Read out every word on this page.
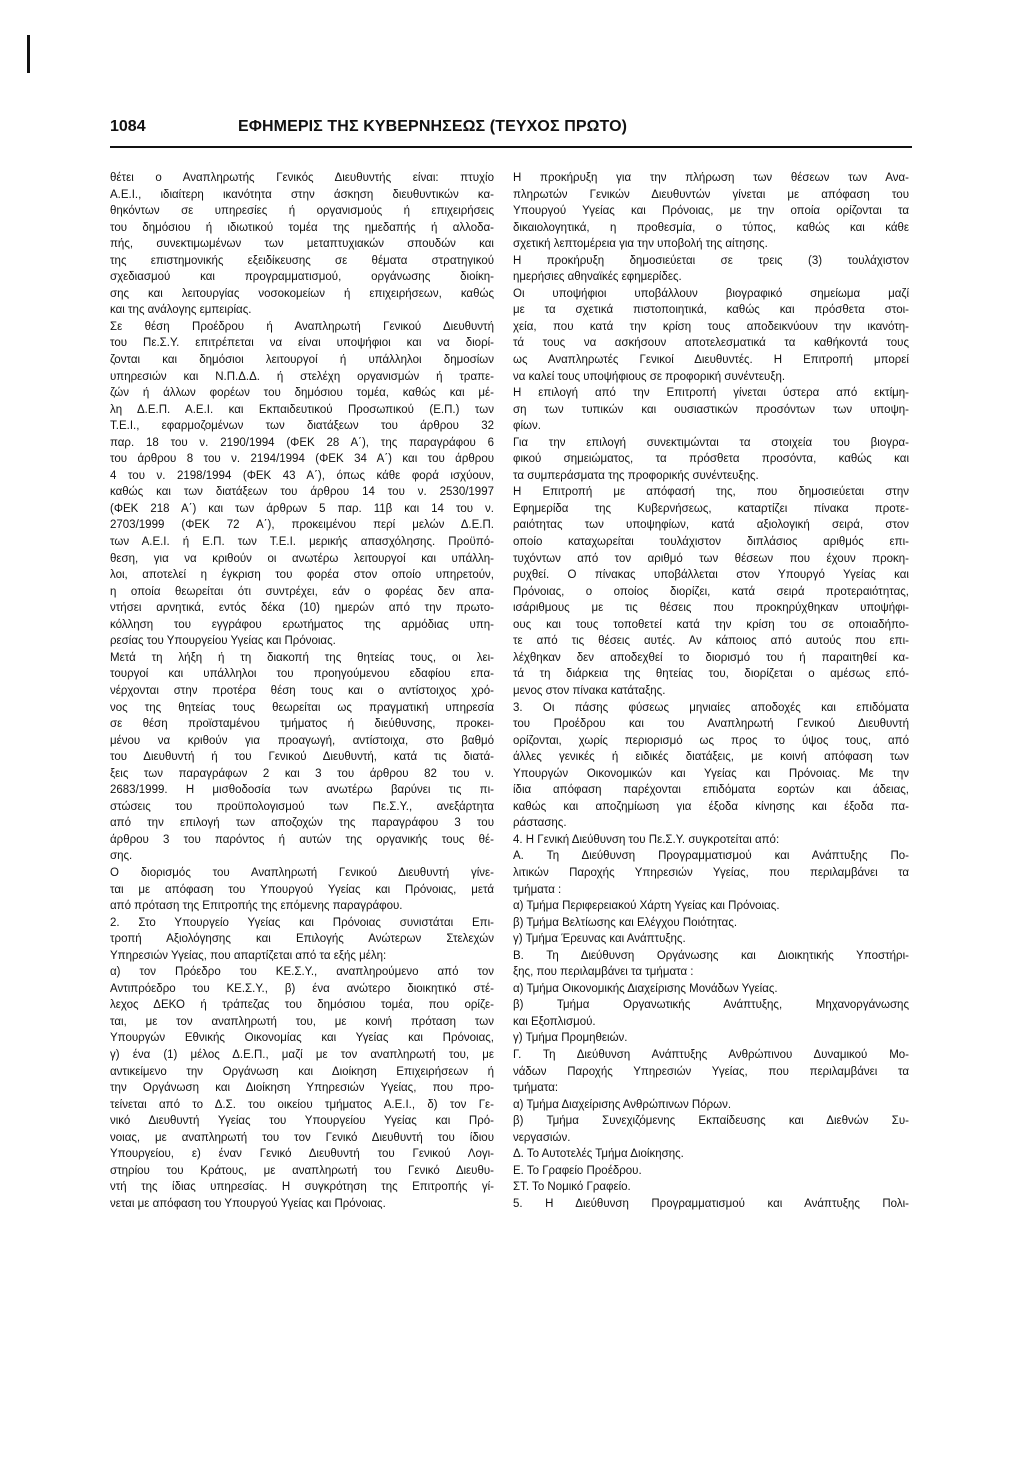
1084	ΕΦΗΜΕΡΙΣ ΤΗΣ ΚΥΒΕΡΝΗΣΕΩΣ (ΤΕΥΧΟΣ ΠΡΩΤΟ)
θέτει ο Αναπληρωτής Γενικός Διευθυντής είναι: πτυχίο
Α.Ε.Ι., ιδιαίτερη ικανότητα στην άσκηση διευθυντικών κα-
θηκόντων σε υπηρεσίες ή οργανισμούς ή επιχειρήσεις
του δημόσιου ή ιδιωτικού τομέα της ημεδαπής ή αλλοδα-
πής, συνεκτιμωμένων των μεταπτυχιακών σπουδών και
της επιστημονικής εξειδίκευσης σε θέματα στρατηγικού
σχεδιασμού και προγραμματισμού, οργάνωσης διοίκη-
σης και λειτουργίας νοσοκομείων ή επιχειρήσεων, καθώς
και της ανάλογης εμπειρίας.
Σε θέση Προέδρου ή Αναπληρωτή Γενικού Διευθυντή
του Πε.Σ.Υ. επιτρέπεται να είναι υποψήφιοι και να διορί-
ζονται και δημόσιοι λειτουργοί ή υπάλληλοι δημοσίων
υπηρεσιών και Ν.Π.Δ.Δ. ή στελέχη οργανισμών ή τραπε-
ζών ή άλλων φορέων του δημόσιου τομέα, καθώς και μέ-
λη Δ.Ε.Π. Α.Ε.Ι. και Εκπαιδευτικού Προσωπικού (Ε.Π.) των
Τ.Ε.Ι., εφαρμοζομένων των διατάξεων του άρθρου 32
παρ. 18 του ν. 2190/1994 (ΦΕΚ 28 Α΄), της παραγράφου 6
του άρθρου 8 του ν. 2194/1994 (ΦΕΚ 34 Α΄) και του άρθρου
4 του ν. 2198/1994 (ΦΕΚ 43 Α΄), όπως κάθε φορά ισχύουν,
καθώς και των διατάξεων του άρθρου 14 του ν. 2530/1997
(ΦΕΚ 218 Α΄) και των άρθρων 5 παρ. 11β και 14 του ν.
2703/1999 (ΦΕΚ 72 Α΄), προκειμένου περί μελών Δ.Ε.Π.
των Α.Ε.Ι. ή Ε.Π. των Τ.Ε.Ι. μερικής απασχόλησης. Προϋπό-
θεση, για να κριθούν οι ανωτέρω λειτουργοί και υπάλλη-
λοι, αποτελεί η έγκριση του φορέα στον οποίο υπηρετούν,
η οποία θεωρείται ότι συντρέχει, εάν ο φορέας δεν απα-
ντήσει αρνητικά, εντός δέκα (10) ημερών από την πρωτο-
κόλληση του εγγράφου ερωτήματος της αρμόδιας υπη-
ρεσίας του Υπουργείου Υγείας και Πρόνοιας.
Μετά τη λήξη ή τη διακοπή της θητείας τους, οι λει-
τουργοί και υπάλληλοι του προηγούμενου εδαφίου επα-
νέρχονται στην προτέρα θέση τους και ο αντίστοιχος χρό-
νος της θητείας τους θεωρείται ως πραγματική υπηρεσία
σε θέση προϊσταμένου τμήματος ή διεύθυνσης, προκει-
μένου να κριθούν για προαγωγή, αντίστοιχα, στο βαθμό
του Διευθυντή ή του Γενικού Διευθυντή, κατά τις διατά-
ξεις των παραγράφων 2 και 3 του άρθρου 82 του ν.
2683/1999. Η μισθοδοσία των ανωτέρω βαρύνει τις πι-
στώσεις του προϋπολογισμού των Πε.Σ.Υ., ανεξάρτητα
από την επιλογή των αποζοχών της παραγράφου 3 του
άρθρου 3 του παρόντος ή αυτών της οργανικής τους θέ-
σης.
Ο διορισμός του Αναπληρωτή Γενικού Διευθυντή γίνε-
ται με απόφαση του Υπουργού Υγείας και Πρόνοιας, μετά
από πρόταση της Επιτροπής της επόμενης παραγράφου.
2. Στο Υπουργείο Υγείας και Πρόνοιας συνιστάται Επι-
τροπή Αξιολόγησης και Επιλογής Ανώτερων Στελεχών
Υπηρεσιών Υγείας, που απαρτίζεται από τα εξής μέλη:
α) τον Πρόεδρο του ΚΕ.Σ.Υ., αναπληρούμενο από τον
Αντιπρόεδρο του ΚΕ.Σ.Υ., β) ένα ανώτερο διοικητικό στέ-
λεχος ΔΕΚΟ ή τράπεζας του δημόσιου τομέα, που ορίζε-
ται, με τον αναπληρωτή του, με κοινή πρόταση των
Υπουργών Εθνικής Οικονομίας και Υγείας και Πρόνοιας,
γ) ένα (1) μέλος Δ.Ε.Π., μαζί με τον αναπληρωτή του, με
αντικείμενο την Οργάνωση και Διοίκηση Επιχειρήσεων ή
την Οργάνωση και Διοίκηση Υπηρεσιών Υγείας, που προ-
τείνεται από το Δ.Σ. του οικείου τμήματος Α.Ε.Ι., δ) τον Γε-
νικό Διευθυντή Υγείας του Υπουργείου Υγείας και Πρό-
νοιας, με αναπληρωτή του τον Γενικό Διευθυντή του ίδιου
Υπουργείου, ε) έναν Γενικό Διευθυντή του Γενικού Λογι-
στηρίου του Κράτους, με αναπληρωτή του Γενικό Διευθυ-
ντή της ίδιας υπηρεσίας. Η συγκρότηση της Επιτροπής γί-
νεται με απόφαση του Υπουργού Υγείας και Πρόνοιας.
Η προκήρυξη για την πλήρωση των θέσεων των Ανα-
πληρωτών Γενικών Διευθυντών γίνεται με απόφαση του
Υπουργού Υγείας και Πρόνοιας, με την οποία ορίζονται τα
δικαιολογητικά, η προθεσμία, ο τύπος, καθώς και κάθε
σχετική λεπτομέρεια για την υποβολή της αίτησης.
Η προκήρυξη δημοσιεύεται σε τρεις (3) τουλάχιστον
ημερήσιες αθηναϊκές εφημερίδες.
Οι υποψήφιοι υποβάλλουν βιογραφικό σημείωμα μαζί
με τα σχετικά πιστοποιητικά, καθώς και πρόσθετα στοι-
χεία, που κατά την κρίση τους αποδεικνύουν την ικανότη-
τά τους να ασκήσουν αποτελεσματικά τα καθήκοντά τους
ως Αναπληρωτές Γενικοί Διευθυντές. Η Επιτροπή μπορεί
να καλεί τους υποψήφιους σε προφορική συνέντευξη.
Η επιλογή από την Επιτροπή γίνεται ύστερα από εκτίμη-
ση των τυπικών και ουσιαστικών προσόντων των υποψη-
φίων.
Για την επιλογή συνεκτιμώνται τα στοιχεία του βιογρα-
φικού σημειώματος, τα πρόσθετα προσόντα, καθώς και
τα συμπεράσματα της προφορικής συνέντευξης.
Η Επιτροπή με απόφασή της, που δημοσιεύεται στην
Εφημερίδα της Κυβερνήσεως, καταρτίζει πίνακα προτε-
ραιότητας των υποψηφίων, κατά αξιολογική σειρά, στον
οποίο καταχωρείται τουλάχιστον διπλάσιος αριθμός επι-
τυχόντων από τον αριθμό των θέσεων που έχουν προκη-
ρυχθεί. Ο πίνακας υποβάλλεται στον Υπουργό Υγείας και
Πρόνοιας, ο οποίος διορίζει, κατά σειρά προτεραιότητας,
ισάριθμους με τις θέσεις που προκηρύχθηκαν υποψήφι-
ους και τους τοποθετεί κατά την κρίση του σε οποιαδήπο-
τε από τις θέσεις αυτές. Αν κάποιος από αυτούς που επι-
λέχθηκαν δεν αποδεχθεί το διορισμό του ή παραιτηθεί κα-
τά τη διάρκεια της θητείας του, διορίζεται ο αμέσως επό-
μενος στον πίνακα κατάταξης.
3. Οι πάσης φύσεως μηνιαίες αποδοχές και επιδόματα
του Προέδρου και του Αναπληρωτή Γενικού Διευθυντή
ορίζονται, χωρίς περιορισμό ως προς το ύψος τους, από
άλλες γενικές ή ειδικές διατάξεις, με κοινή απόφαση των
Υπουργών Οικονομικών και Υγείας και Πρόνοιας. Με την
ίδια απόφαση παρέχονται επιδόματα εορτών και άδειας,
καθώς και αποζημίωση για έξοδα κίνησης και έξοδα πα-
ράστασης.
4. Η Γενική Διεύθυνση του Πε.Σ.Υ. συγκροτείται από:
Α. Τη Διεύθυνση Προγραμματισμού και Ανάπτυξης Πο-
λιτικών Παροχής Υπηρεσιών Υγείας, που περιλαμβάνει τα
τμήματα :
α) Τμήμα Περιφερειακού Χάρτη Υγείας και Πρόνοιας.
β) Τμήμα Βελτίωσης και Ελέγχου Ποιότητας.
γ) Τμήμα Έρευνας και Ανάπτυξης.
Β. Τη Διεύθυνση Οργάνωσης και Διοικητικής Υποστήρι-
ξης, που περιλαμβάνει τα τμήματα :
α) Τμήμα Οικονομικής Διαχείρισης Μονάδων Υγείας.
β) Τμήμα Οργανωτικής Ανάπτυξης, Μηχανοργάνωσης
και Εξοπλισμού.
γ) Τμήμα Προμηθειών.
Γ. Τη Διεύθυνση Ανάπτυξης Ανθρώπινου Δυναμικού Μο-
νάδων Παροχής Υπηρεσιών Υγείας, που περιλαμβάνει τα
τμήματα:
α) Τμήμα Διαχείρισης Ανθρώπινων Πόρων.
β) Τμήμα Συνεχιζόμενης Εκπαίδευσης και Διεθνών Συ-
νεργασιών.
Δ. Το Αυτοτελές Τμήμα Διοίκησης.
Ε. Το Γραφείο Προέδρου.
ΣΤ. Το Νομικό Γραφείο.
5. Η Διεύθυνση Προγραμματισμού και Ανάπτυξης Πολι-
